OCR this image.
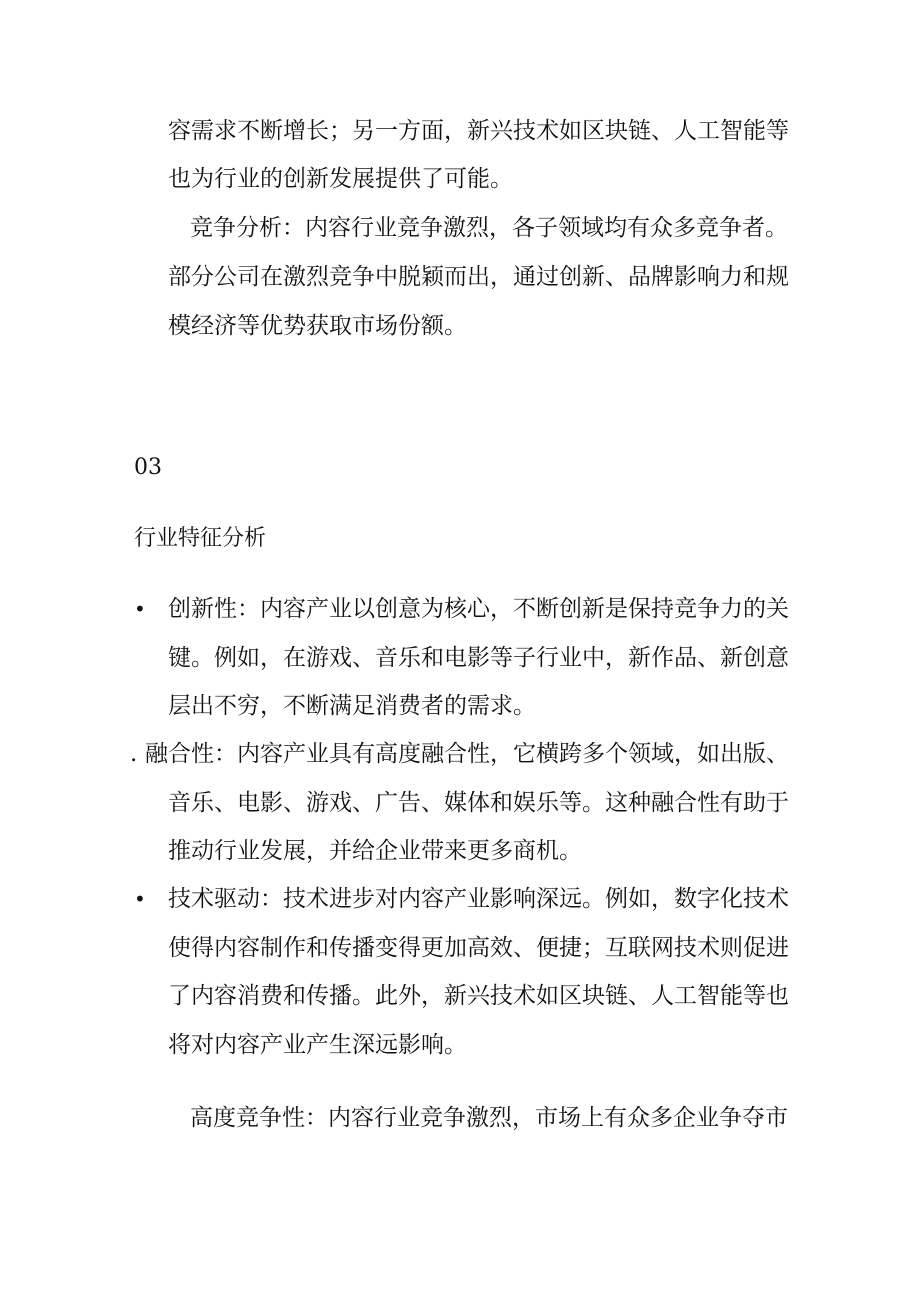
容需求不断增长；另一方面，新兴技术如区块链、人工智能等
也为行业的创新发展提供了可能。
竞争分析：内容行业竞争激烈，各子领域均有众多竞争者。
部分公司在激烈竞争中脱颖而出，通过创新、品牌影响力和规
模经济等优势获取市场份额。
03
行业特征分析
• 创新性：内容产业以创意为核心，不断创新是保持竞争力的关
键。例如，在游戏、音乐和电影等子行业中，新作品、新创意
层出不穷，不断满足消费者的需求。
. 融合性：内容产业具有高度融合性，它横跨多个领域，如出版、
音乐、电影、游戏、广告、媒体和娱乐等。这种融合性有助于
推动行业发展，并给企业带来更多商机。
• 技术驱动：技术进步对内容产业影响深远。例如，数字化技术
使得内容制作和传播变得更加高效、便捷；互联网技术则促进
了内容消费和传播。此外，新兴技术如区块链、人工智能等也
将对内容产业产生深远影响。
高度竞争性：内容行业竞争激烈，市场上有众多企业争夺市
